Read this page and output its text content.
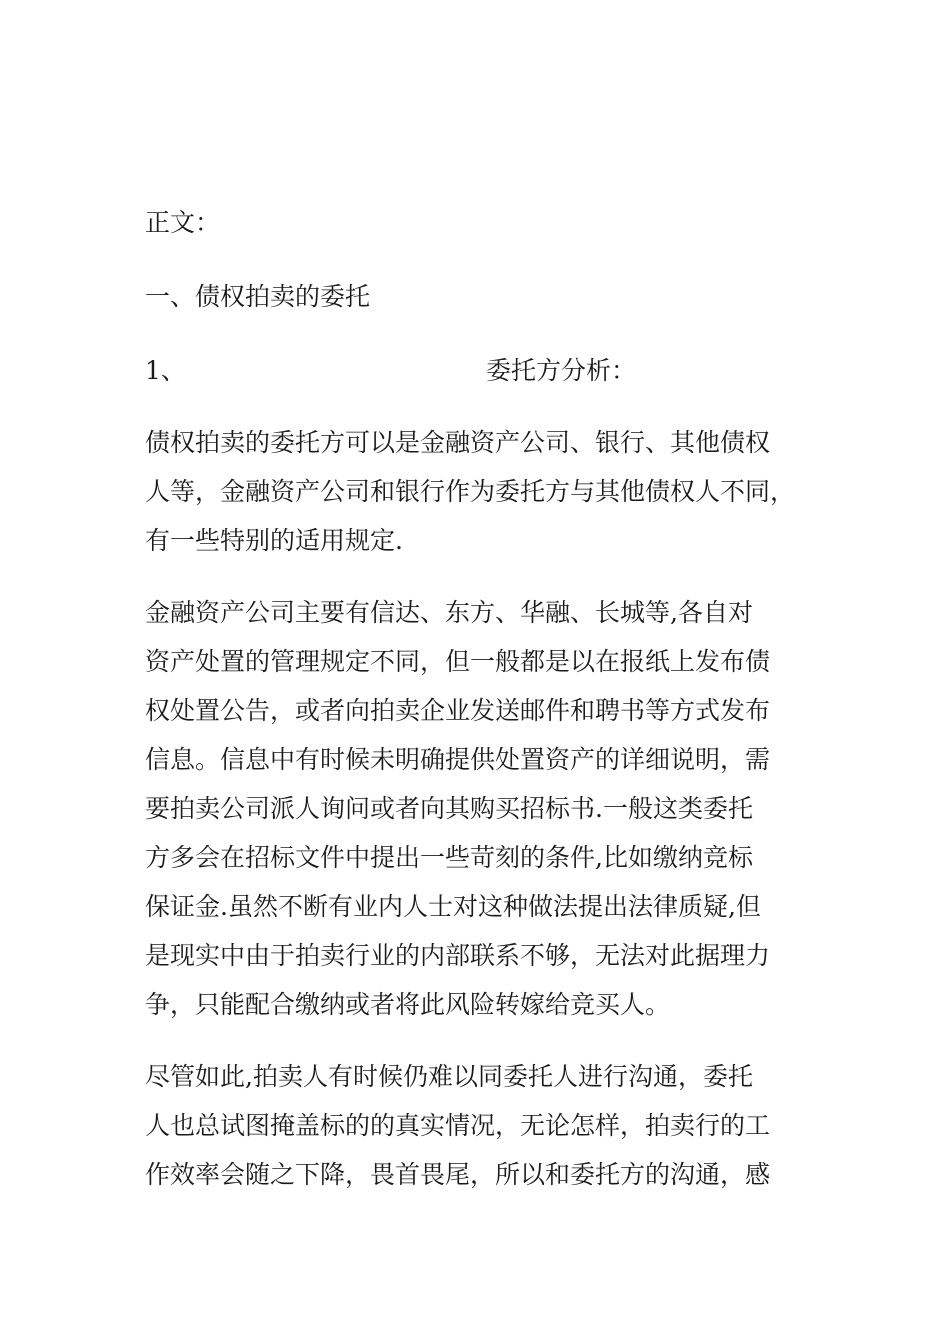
正文：

一、债权拍卖的委托

1、	委托方分析：

债权拍卖的委托方可以是金融资产公司、银行、其他债权

人等，金融资产公司和银行作为委托方与其他债权人不同，

有一些特别的适用规定.

金融资产公司主要有信达、东方、华融、长城等,各自对

资产处置的管理规定不同，但一般都是以在报纸上发布债

权处置公告，或者向拍卖企业发送邮件和聘书等方式发布

信息。信息中有时候未明确提供处置资产的详细说明，需

要拍卖公司派人询问或者向其购买招标书.一般这类委托

方多会在招标文件中提出一些苛刻的条件,比如缴纳竞标

保证金.虽然不断有业内人士对这种做法提出法律质疑,但

是现实中由于拍卖行业的内部联系不够，无法对此据理力

争，只能配合缴纳或者将此风险转嫁给竞买人。

尽管如此,拍卖人有时候仍难以同委托人进行沟通，委托

人也总试图掩盖标的的真实情况，无论怎样，拍卖行的工

作效率会随之下降，畏首畏尾，所以和委托方的沟通，感
